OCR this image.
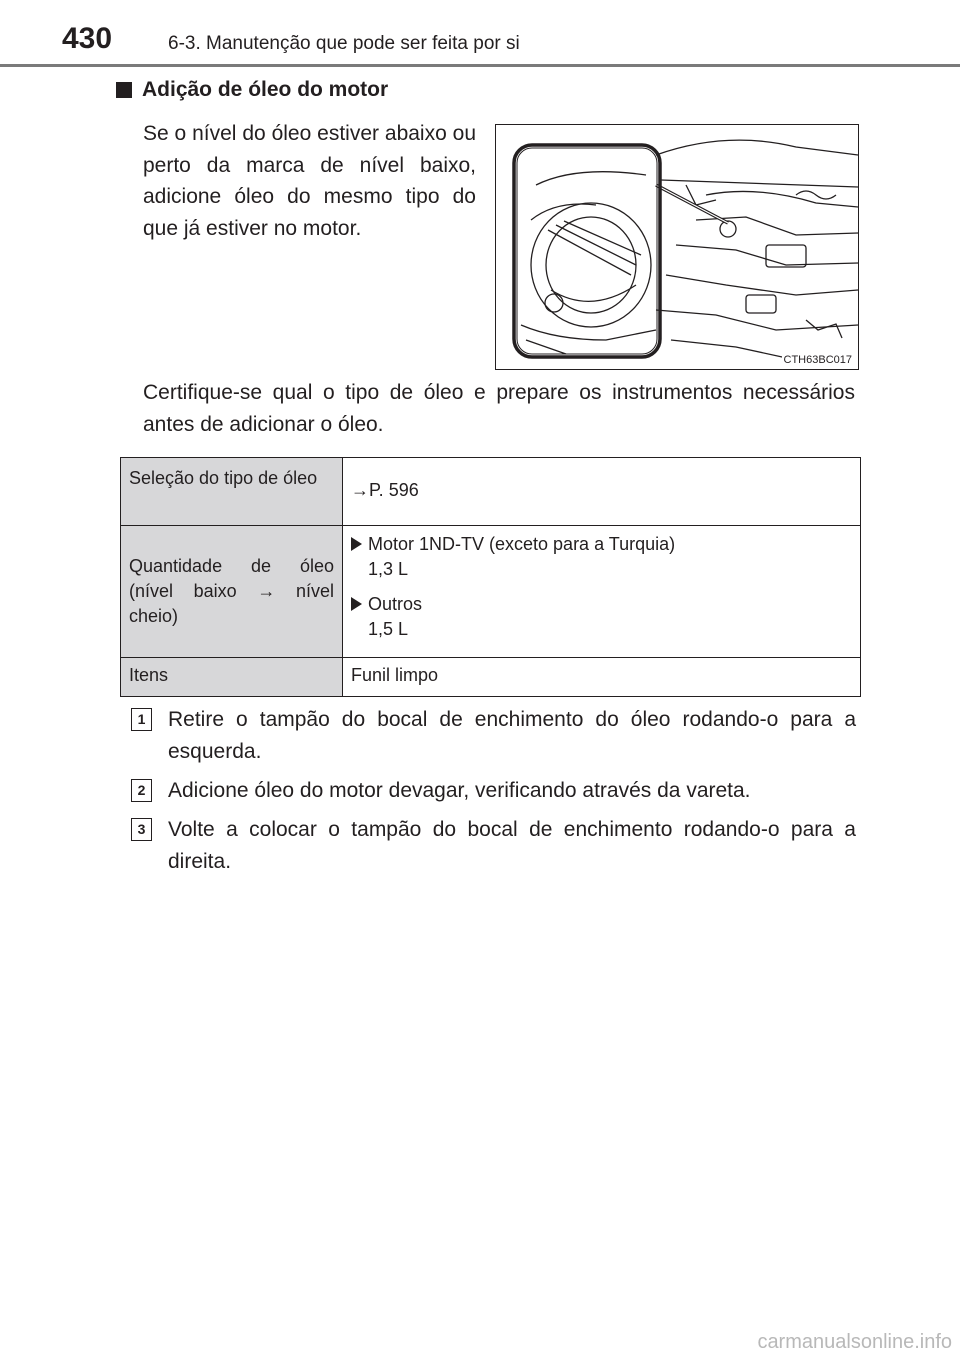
430	6-3. Manutenção que pode ser feita por si
Adição de óleo do motor
Se o nível do óleo estiver abaixo ou perto da marca de nível baixo, adicione óleo do mesmo tipo do que já estiver no motor.
CTH63BC017
Certifique-se qual o tipo de óleo e prepare os instrumentos necessários antes de adicionar o óleo.
Seleção do tipo de óleo	→P. 596

Quantidade de óleo (nível baixo → nível cheio)	Motor 1ND-TV (exceto para a Turquia)
1,3 L
Outros
1,5 L

Itens	Funil limpo
1	Retire o tampão do bocal de enchimento do óleo rodando-o para a esquerda.
2	Adicione óleo do motor devagar, verificando através da vareta.
3	Volte a colocar o tampão do bocal de enchimento rodando-o para a direita.
carmanualsonline.info
